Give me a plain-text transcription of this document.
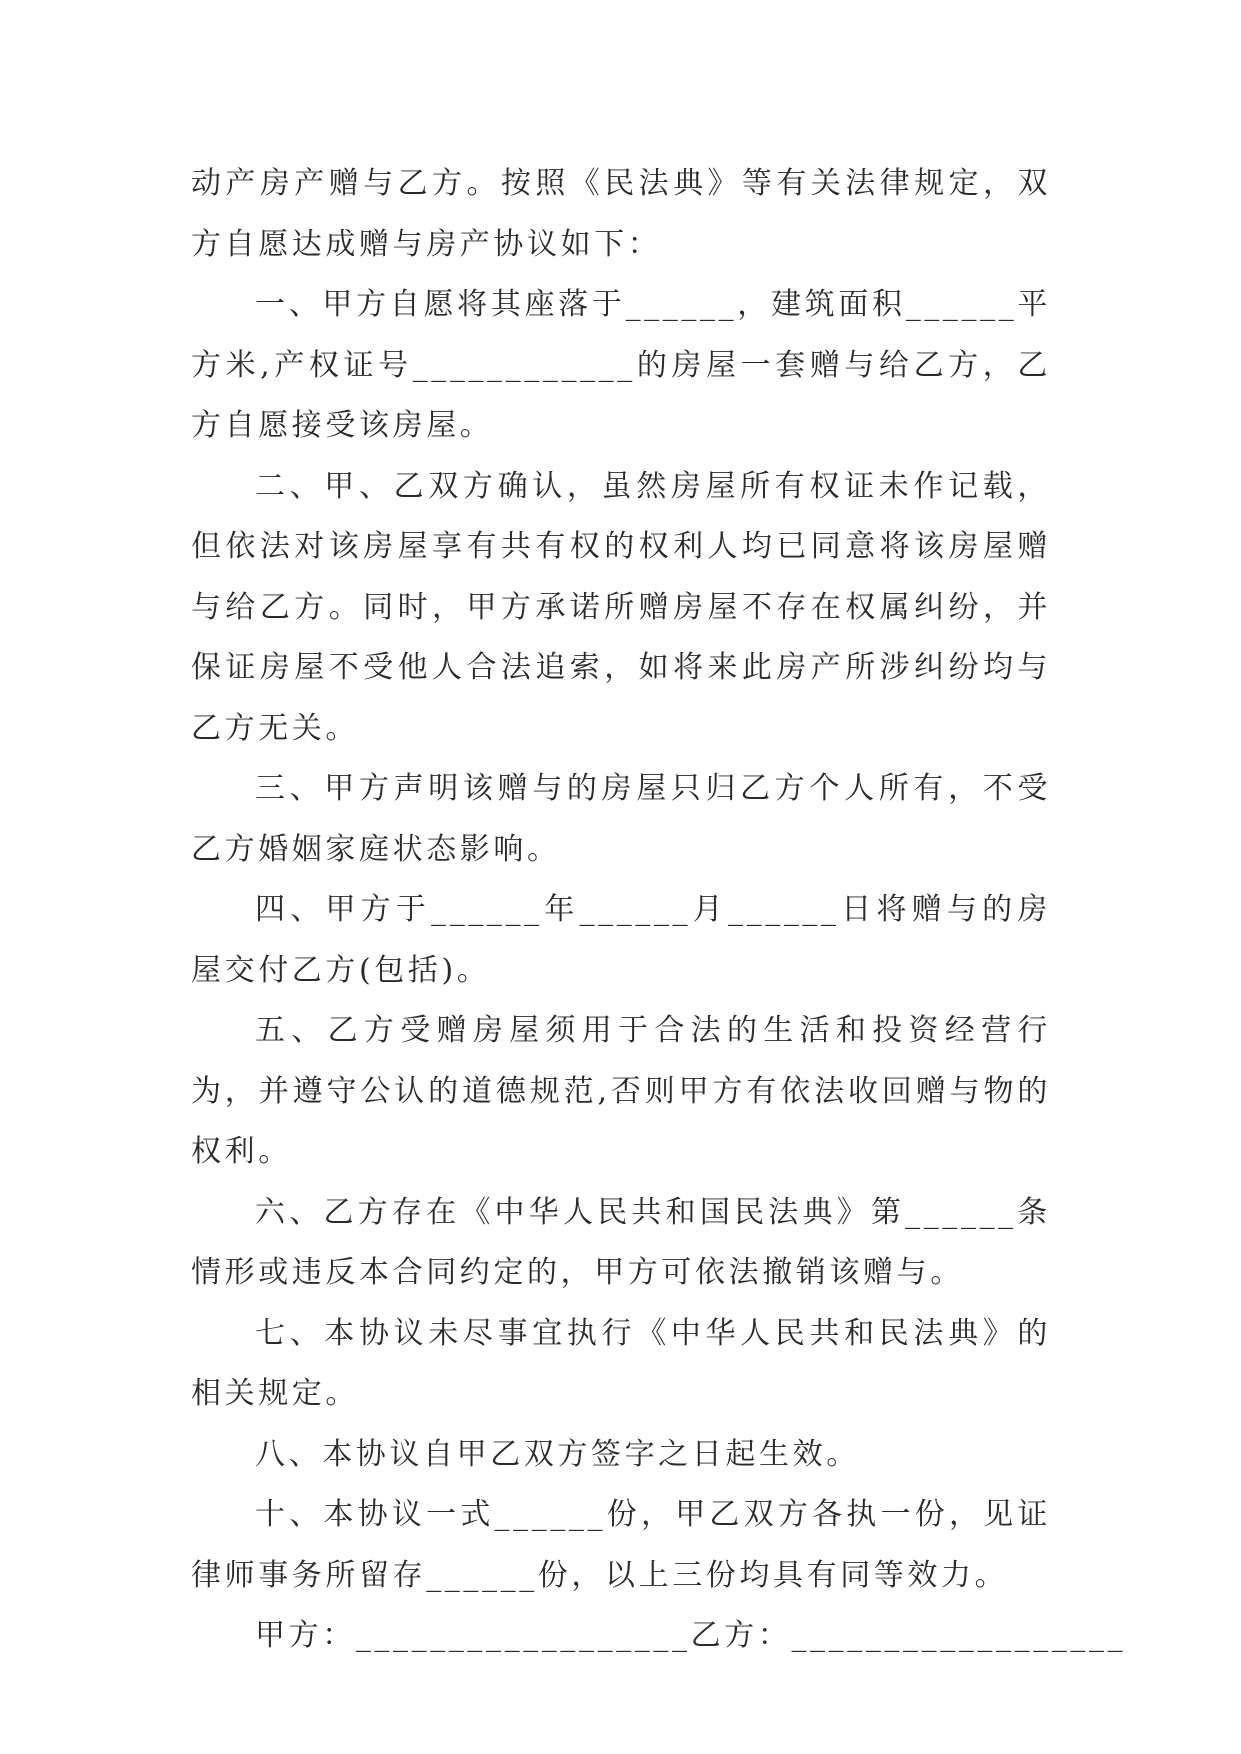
动产房产赠与乙方。按照《民法典》等有关法律规定，双方自愿达成赠与房产协议如下：

一、甲方自愿将其座落于______，建筑面积______平方米,产权证号____________的房屋一套赠与给乙方，乙方自愿接受该房屋。

二、甲、乙双方确认，虽然房屋所有权证未作记载，但依法对该房屋享有共有权的权利人均已同意将该房屋赠与给乙方。同时，甲方承诺所赠房屋不存在权属纠纷，并保证房屋不受他人合法追索，如将来此房产所涉纠纷均与乙方无关。

三、甲方声明该赠与的房屋只归乙方个人所有，不受乙方婚姻家庭状态影响。

四、甲方于______年______月______日将赠与的房屋交付乙方(包括)。

五、乙方受赠房屋须用于合法的生活和投资经营行为，并遵守公认的道德规范,否则甲方有依法收回赠与物的权利。

六、乙方存在《中华人民共和国民法典》第______条情形或违反本合同约定的，甲方可依法撤销该赠与。

七、本协议未尽事宜执行《中华人民共和民法典》的相关规定。

八、本协议自甲乙双方签字之日起生效。

十、本协议一式______份，甲乙双方各执一份，见证律师事务所留存______份，以上三份均具有同等效力。

甲方：__________________乙方：__________________
